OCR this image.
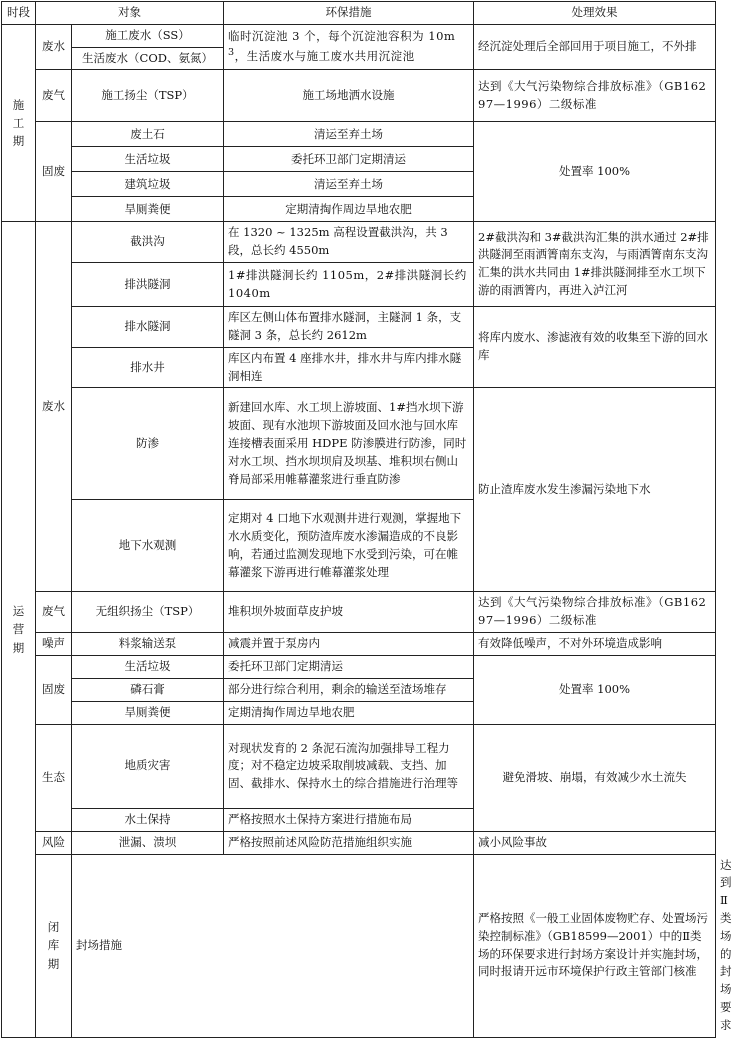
时段	对象		环保措施	处理效果	
施
工
期	废水	施工废水（SS）	临时沉淀池 3 个，每个沉淀池容积为 $10m^3$，生活废水与施工废水共用沉淀池	经沉淀处理后全部回用于项目施工，不外排	
		生活废水（COD、氨氮）			
	废气	施工扬尘（TSP）	施工场地洒水设施	达到《大气污染物综合排放标准》（GB16297—1996）二级标准	
	固废	废土石	清运至弃土场	处置率 100%	
		生活垃圾	委托环卫部门定期清运		
		建筑垃圾	清运至弃土场		
		旱厕粪便	定期清掏作周边旱地农肥		
运
营
期	废水	截洪沟	在 1320 ~ 1325m 高程设置截洪沟，共 3 段，总长约 4550m	2#截洪沟和 3#截洪沟汇集的洪水通过 2#排洪隧洞至雨洒箐南东支沟，与雨洒箐南东支沟汇集的洪水共同由 1#排洪隧洞排至水工坝下游的雨洒箐内，再进入泸江河	
		排洪隧洞	1#排洪隧洞长约 1105m，2#排洪隧洞长约 1040m		
		排水隧洞	库区左侧山体布置排水隧洞，主隧洞 1 条，支隧洞 3 条，总长约 2612m	将库内废水、渗滤液有效的收集至下游的回水库	
		排水井	库区内布置 4 座排水井，排水井与库内排水隧洞相连		
		防渗	新建回水库、水工坝上游坡面、1#挡水坝下游坡面、现有水池坝下游坡面及回水池与回水库连接槽表面采用 HDPE 防渗膜进行防渗，同时对水工坝、挡水坝坝肩及坝基、堆积坝右侧山脊局部采用帷幕灌浆进行垂直防渗	防止渣库废水发生渗漏污染地下水	
		地下水观测	定期对 4 口地下水观测井进行观测，掌握地下水水质变化，预防渣库废水渗漏造成的不良影响，若通过监测发现地下水受到污染，可在帷幕灌浆下游再进行帷幕灌浆处理		
	废气	无组织扬尘（TSP）	堆积坝外坡面草皮护坡	达到《大气污染物综合排放标准》（GB16297—1996）二级标准	
	噪声	料浆输送泵	减震并置于泵房内	有效降低噪声，不对外环境造成影响	
	固废	生活垃圾	委托环卫部门定期清运	处置率 100%	
		磷石膏	部分进行综合利用，剩余的输送至渣场堆存		
		旱厕粪便	定期清掏作周边旱地农肥		
	生态	地质灾害	对现状发育的 2 条泥石流沟加强排导工程力度；对不稳定边坡采取削坡减载、支挡、加固、截排水、保持水土的综合措施进行治理等	避免滑坡、崩塌，有效减少水土流失	
		水土保持	严格按照水土保持方案进行措施布局		
	风险	泄漏、溃坝	严格按照前述风险防范措施组织实施	减小风险事故	
	闭
库
期	封场措施		严格按照《一般工业固体废物贮存、处置场污染控制标准》（GB18599—2001）中的Ⅱ类场的环保要求进行封场方案设计并实施封场，同时报请开远市环境保护行政主管部门核准	达到Ⅱ类场的封场要求
